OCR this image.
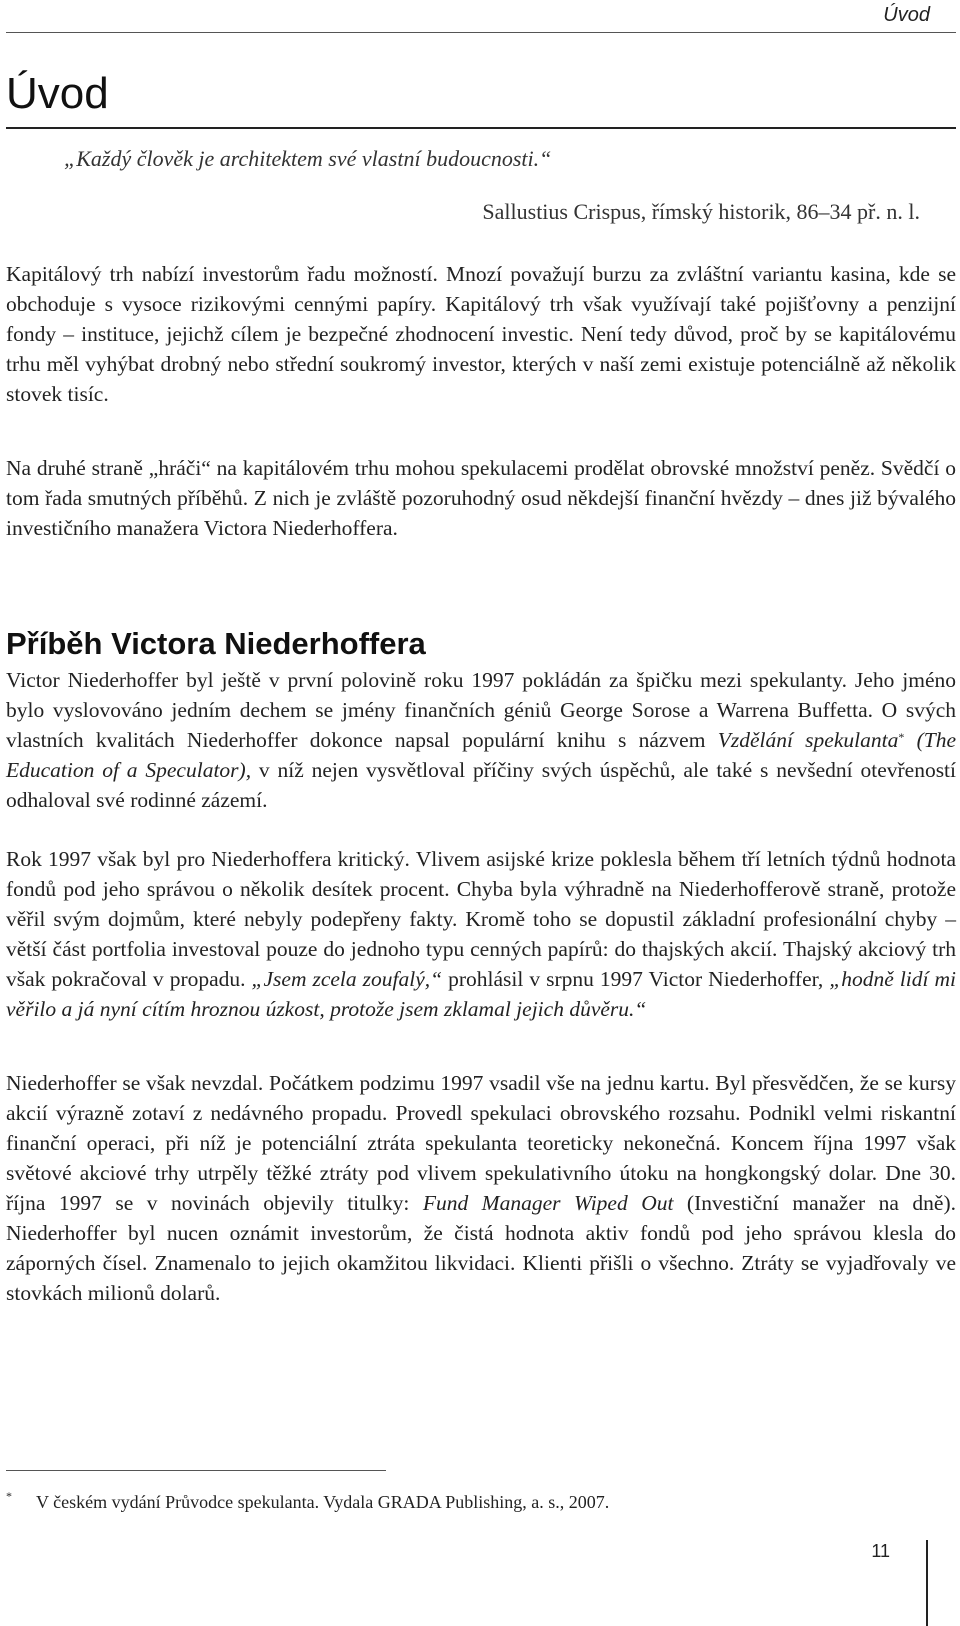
Úvod
Úvod
„Každý člověk je architektem své vlastní budoucnosti.“
Sallustius Crispus, římský historik, 86–34 př. n. l.

Kapitálový trh nabízí investorům řadu možností. Mnozí považují burzu za zvláštní variantu kasina, kde se obchoduje s vysoce rizikovými cennými papíry. Kapitálový trh však využívají také pojišťovny a penzijní fondy – instituce, jejichž cílem je bezpečné zhodnocení investic. Není tedy důvod, proč by se kapitálovému trhu měl vyhýbat drobný nebo střední soukromý investor, kterých v naší zemi existuje potenciálně až několik stovek tisíc.

Na druhé straně „hráči“ na kapitálovém trhu mohou spekulacemi prodělat obrovské množství peněz. Svědčí o tom řada smutných příběhů. Z nich je zvláště pozoruhodný osud někdejší finanční hvězdy – dnes již bývalého investičního manažera Victora Niederhoffera.

Příběh Victora Niederhoffera

Victor Niederhoffer byl ještě v první polovině roku 1997 pokládán za špičku mezi spekulanty. Jeho jméno bylo vyslovováno jedním dechem se jmény finančních géniů George Sorose a Warrena Buffetta. O svých vlastních kvalitách Niederhoffer dokonce napsal populární knihu s názvem Vzdělání spekulanta* (The Education of a Speculator), v níž nejen vysvětloval příčiny svých úspěchů, ale také s nevšední otevřeností odhaloval své rodinné zázemí.

Rok 1997 však byl pro Niederhoffera kritický. Vlivem asijské krize poklesla během tří letních týdnů hodnota fondů pod jeho správou o několik desítek procent. Chyba byla výhradně na Niederhofferově straně, protože věřil svým dojmům, které nebyly podepřeny fakty. Kromě toho se dopustil základní profesionální chyby – větší část portfolia investoval pouze do jednoho typu cenných papírů: do thajských akcií. Thajský akciový trh však pokračoval v propadu. „Jsem zcela zoufalý,“ prohlásil v srpnu 1997 Victor Niederhoffer, „hodně lidí mi věřilo a já nyní cítím hroznou úzkost, protože jsem zklamal jejich důvěru.“

Niederhoffer se však nevzdal. Počátkem podzimu 1997 vsadil vše na jednu kartu. Byl přesvědčen, že se kursy akcií výrazně zotaví z nedávného propadu. Provedl spekulaci obrovského rozsahu. Podnikl velmi riskantní finanční operaci, při níž je potenciální ztráta spekulanta teoreticky nekonečná. Koncem října 1997 však světové akciové trhy utrpěly těžké ztráty pod vlivem spekulativního útoku na hongkongský dolar. Dne 30. října 1997 se v novinách objevily titulky: Fund Manager Wiped Out (Investiční manažer na dně). Niederhoffer byl nucen oznámit investorům, že čistá hodnota aktiv fondů pod jeho správou klesla do záporných čísel. Znamenalo to jejich okamžitou likvidaci. Klienti přišli o všechno. Ztráty se vyjadřovaly ve stovkách milionů dolarů.

* V českém vydání Průvodce spekulanta. Vydala GRADA Publishing, a. s., 2007.
11
